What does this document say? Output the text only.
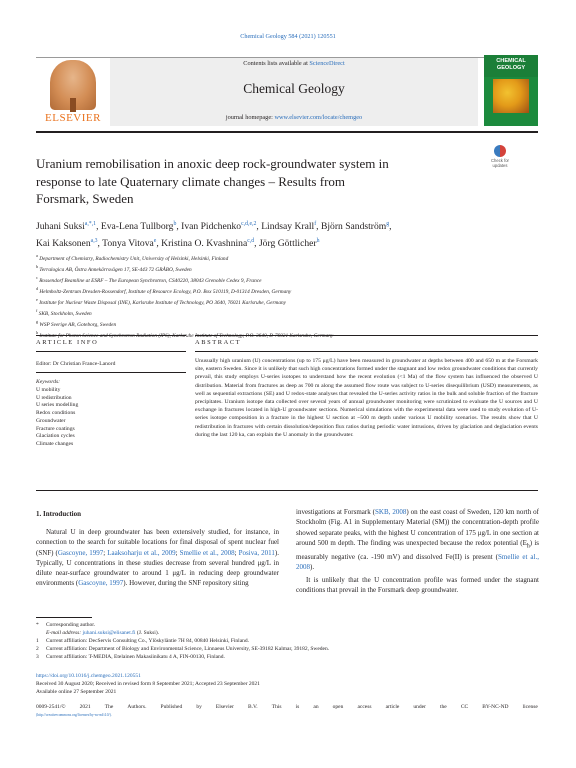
Chemical Geology 584 (2021) 120551
ELSEVIER
Contents lists available at ScienceDirect
Chemical Geology
journal homepage: www.elsevier.com/locate/chemgeo
CHEMICAL
GEOLOGY
Uranium remobilisation in anoxic deep rock-groundwater system in
response to late Quaternary climate changes – Results from
Forsmark, Sweden
Check for
updates
Juhani Suksi$^{a,*,1}$, Eva-Lena Tullborg$^b$, Ivan Pidchenko$^{c,d,e,2}$, Lindsay Krall$^f$, Björn Sandström$^g$,
Kai Kaksonen$^{a,3}$, Tonya Vitova$^e$, Kristina O. Kvashnina$^{c,d}$, Jörg Göttlicher$^h$
$^a$ Department of Chemistry, Radiochemistry Unit, University of Helsinki, Helsinki, Finland
$^b$ Terralogica AB, Östra Annekärrsvägen 17, SE-443 72 GRÅBO, Sweden
$^c$ Rossendorf Beamline at ESRF – The European Synchrotron, CS40220, 38043 Grenoble Cedex 9, France
$^d$ Helmholtz-Zentrum Dresden-Rossendorf, Institute of Resource Ecology, P.O. Box 510119, D-01314 Dresden, Germany
$^e$ Institute for Nuclear Waste Disposal (INE), Karlsruhe Institute of Technology, PO 3640, 76021 Karlsruhe, Germany
$^f$ SKB, Stockholm, Sweden
$^g$ WSP Sverige AB, Goteborg, Sweden
$^h$ Institute for Photon Science and Synchrotron Radiation (IPS), Karlsruhe Institute of Technology, P.O. 3640, D-76021 Karlsruhe, Germany
ARTICLE INFO	ABSTRACT
Editor: Dr Christian France-Lanord
Keywords:
U mobility
U redistribution
U series modelling
Redox conditions
Groundwater
Fracture coatings
Glaciation cycles
Climate changes
Unusually high uranium (U) concentrations (up to 175 μg/L) have been measured in groundwater at depths between 400 and 650 m at the Forsmark site, eastern Sweden. Since it is unlikely that such high concentrations formed under the stagnant and low redox groundwater conditions that currently prevail, this study employs U-series isotopes to understand how the recent evolution (<1 Ma) of the flow system has influenced the observed U distribution. Material from fractures as deep as 700 m along the assumed flow route was subject to U-series disequilibrium (USD) measurements, as well as sequential extractions (SE) and U redox-state analyses that revealed the U-series activity ratios in the bulk and soluble fraction of the fracture precipitates. Uranium isotope data collected over several years of annual groundwater monitoring were scrutinized to evaluate the U sources and U exchange in fractures located in high-U groundwater sections. Numerical simulations with the experimental data were used to study evolution of U-series isotope composition in a fracture in the highest U section at ~500 m depth under various U mobility scenarios. The results show that U redistribution in fractures with certain dissolution/deposition flux ratios during periodic water intrusions, driven by glaciation and deglaciation events during the last 120 ka, can explain the U anomaly in the groundwater.
1. Introduction

Natural U in deep groundwater has been extensively studied, for instance, in connection to the search for suitable locations for final disposal of spent nuclear fuel (SNF) (Gascoyne, 1997; Laaksoharju et al., 2009; Smellie et al., 2008; Posiva, 2011). Typically, U concentrations in these studies decrease from several hundred μg/L in dilute near-surface groundwater to around 1 μg/L in reducing deep groundwater environments (Gascoyne, 1997). However, during the SNF repository siting

investigations at Forsmark (SKB, 2008) on the east coast of Sweden, 120 km north of Stockholm (Fig. A1 in Supplementary Material (SM)) the concentration-depth profile showed separate peaks, with the highest U concentration of 175 μg/L in one section at around 500 m depth. The finding was unexpected because the redox potential $(E_h)$ is measurably negative (ca. -190 mV) and dissolved Fe(II) is present (Smellie et al., 2008).

It is unlikely that the U concentration profile was formed under the stagnant conditions that prevail in the Forsmark deep groundwater.

*	Corresponding author.
E-mail address: juhani.suksi@elisanet.fi (J. Suksi).
1	Current affiliation: DecServis Consulting Co., Ylöskyläntie 7H 84, 00840 Helsinki, Finland.
2	Current affiliation: Department of Biology and Environmental Science, Linnaeus University, SE-39182 Kalmar, 39182, Sweden.
3	Current affiliation: T-MEDIA, Etelainen Makasiinikatu 4 A, FIN-00130, Finland.
https://doi.org/10.1016/j.chemgeo.2021.120551
Received 30 August 2020; Received in revised form 8 September 2021; Accepted 23 September 2021
Available online 27 September 2021
0009-2541/©	2021	The	Authors.	Published	by	Elsevier	B.V.	This	is	an	open	access	article	under	the	CC	BY-NC-ND	license
(http://creativecommons.org/licenses/by-nc-nd/4.0/).
